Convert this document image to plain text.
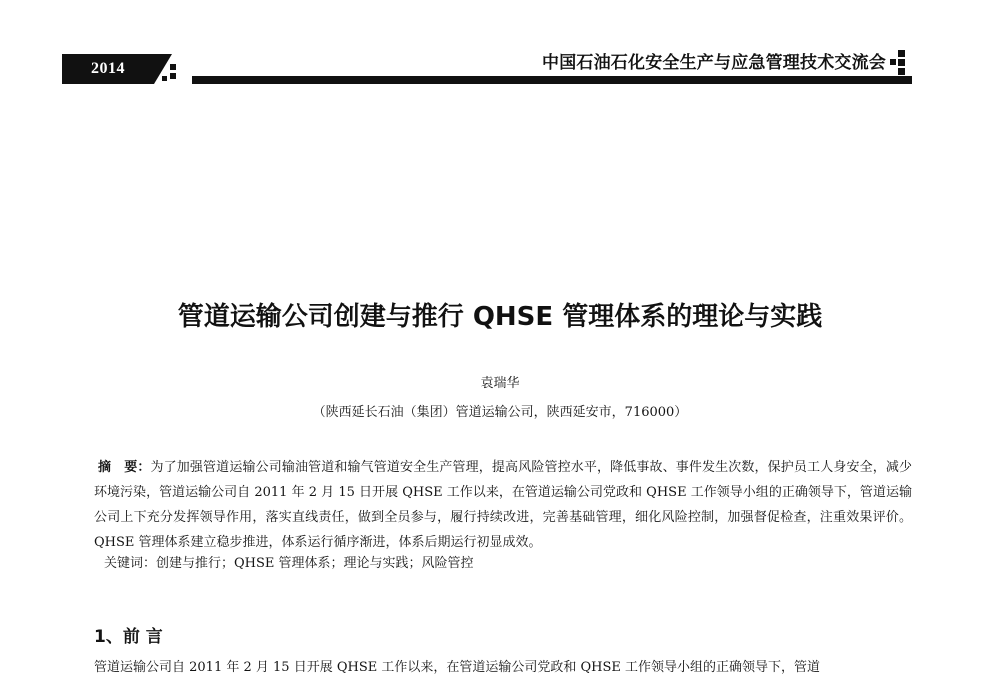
2014	中国石油石化安全生产与应急管理技术交流会
管道运输公司创建与推行 QHSE 管理体系的理论与实践
袁瑞华
（陕西延长石油（集团）管道运输公司，陕西延安市，716000）
摘　要：为了加强管道运输公司输油管道和输气管道安全生产管理，提高风险管控水平，降低事故、事件发生次数，保护员工人身安全，减少环境污染，管道运输公司自 2011 年 2 月 15 日开展 QHSE 工作以来，在管道运输公司党政和 QHSE 工作领导小组的正确领导下，管道运输公司上下充分发挥领导作用，落实直线责任，做到全员参与，履行持续改进，完善基础管理，细化风险控制，加强督促检查，注重效果评价。QHSE 管理体系建立稳步推进，体系运行循序渐进，体系后期运行初显成效。
关键词：创建与推行；QHSE 管理体系；理论与实践；风险管控
1、前 言
管道运输公司自 2011 年 2 月 15 日开展 QHSE 工作以来，在管道运输公司党政和 QHSE 工作领导小组的正确领导下，管道
